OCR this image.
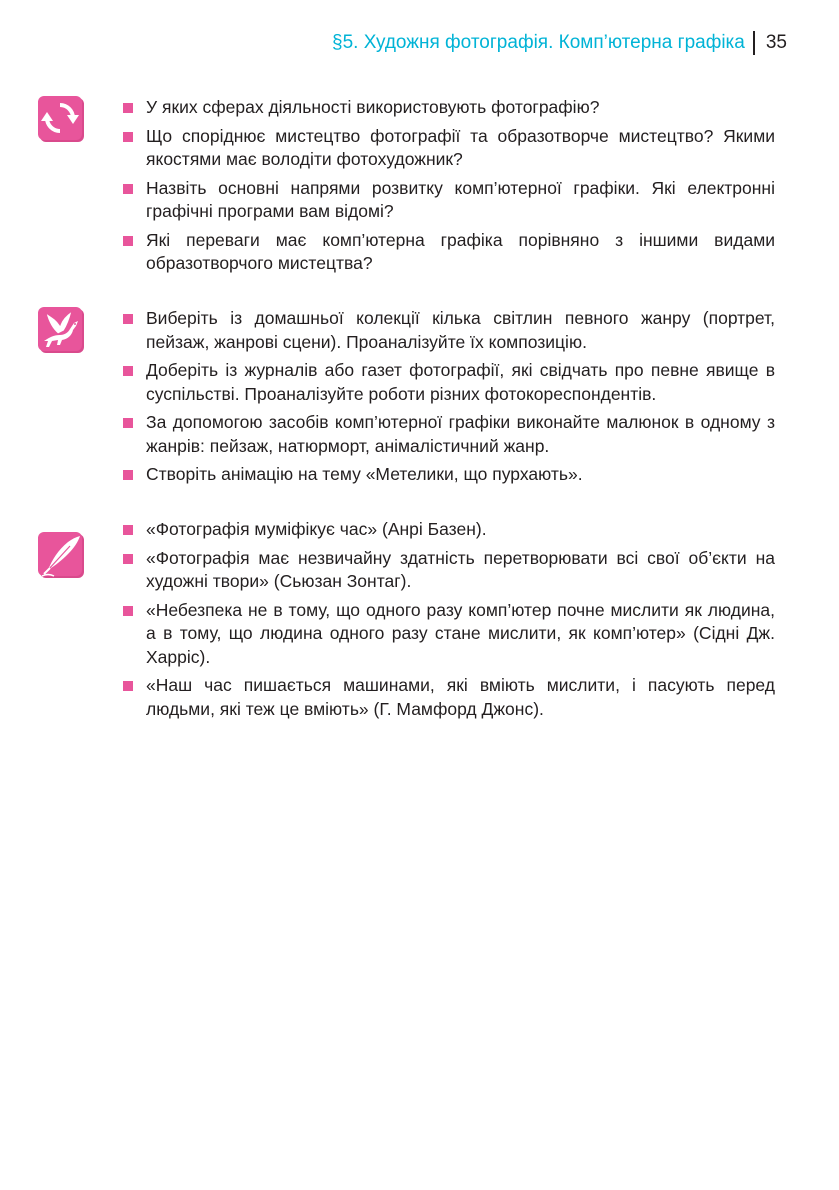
§5. Художня фотографія. Комп’ютерна графіка 35
У яких сферах діяльності використовують фотографію?
Що споріднює мистецтво фотографії та образотворче мистецтво? Якими якостями має володіти фотохудожник?
Назвіть основні напрями розвитку комп’ютерної графіки. Які електронні графічні програми вам відомі?
Які переваги має комп’ютерна графіка порівняно з іншими видами образотворчого мистецтва?
Виберіть із домашньої колекції кілька світлин певного жанру (портрет, пейзаж, жанрові сцени). Проаналізуйте їх композицію.
Доберіть із журналів або газет фотографії, які свідчать про певне явище в суспільстві. Проаналізуйте роботи різних фотокореспондентів.
За допомогою засобів комп’ютерної графіки виконайте малюнок в одному з жанрів: пейзаж, натюрморт, анімалістичний жанр.
Створіть анімацію на тему «Метелики, що пурхають».
«Фотографія муміфікує час» (Анрі Базен).
«Фотографія має незвичайну здатність перетворювати всі свої об’єкти на художні твори» (Сьюзан Зонтаг).
«Небезпека не в тому, що одного разу комп’ютер почне мислити як людина, а в тому, що людина одного разу стане мислити, як комп’ютер» (Сідні Дж. Харріс).
«Наш час пишається машинами, які вміють мислити, і пасують перед людьми, які теж це вміють» (Г. Мамфорд Джонс).
